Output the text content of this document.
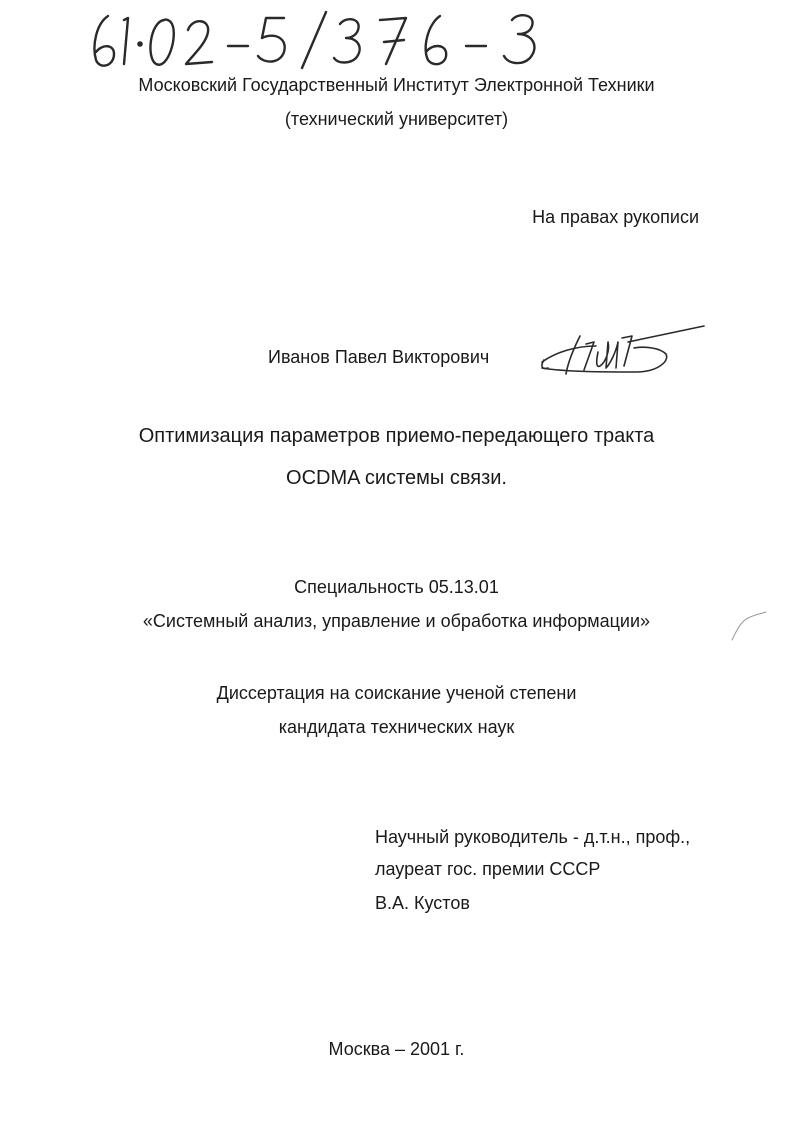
Московский Государственный Институт Электронной Техники
(технический университет)
На правах рукописи
Иванов Павел Викторович
Оптимизация параметров приемо-передающего тракта
OCDMA системы связи.
Специальность 05.13.01
«Системный анализ, управление и обработка информации»
Диссертация на соискание ученой степени
кандидата технических наук
Научный руководитель - д.т.н., проф.,
лауреат гос. премии СССР
В.А. Кустов
Москва – 2001 г.
